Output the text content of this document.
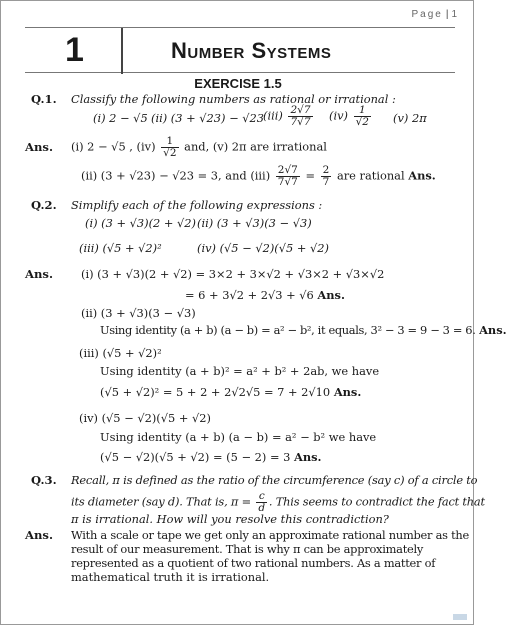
Page | 1
1	Number Systems
EXERCISE 1.5
Q.1. Classify the following numbers as rational or irrational :
(i) 2 − √5 (ii) (3 + √23) − √23
$(iii) \frac{2√7}{7√7} (iv) \frac{1}{√2} (v)$ 2π
Ans. (i) 2 − √5 , $(iv) \frac{1}{√2}$ and, (v) 2π are irrational
(ii) (3 + √23) − √23 = 3, and $(iii) \frac{2√7}{7√7} = \frac{2}{7}$ are rational Ans.
Q.2. Simplify each of the following expressions :
(i) (3 + √3)(2 + √2) (ii) (3 + √3)(3 − √3)
(iii) (√5 + √2)²	(iv) (√5 − √2)(√5 + √2)
Ans. (i) (3 + √3)(2 + √2) = 3×2 + 3×√2 + √3×2 + √3×√2
= 6 + 3√2 + 2√3 + √6 Ans.
(ii) (3 + √3)(3 − √3)
Using identity (a + b) (a − b) = a² − b², it equals, 3² − 3 = 9 − 3 = 6. Ans.
(iii) (√5 + √2)²
Using identity (a + b)² = a² + b² + 2ab, we have
(√5 + √2)² = 5 + 2 + 2√2√5 = 7 + 2√10 Ans.
(iv) (√5 − √2)(√5 + √2)
Using identity (a + b) (a − b) = a² − b² we have
(√5 − √2)(√5 + √2) = (5 − 2) = 3 Ans.
Q.3. Recall, π is defined as the ratio of the circumference (say c) of a circle to
its diameter (say d). That is, $\pi = \frac{c}{d}$ . This seems to contradict the fact that
π is irrational. How will you resolve this contradiction?
Ans. With a scale or tape we get only an approximate rational number as the
result of our measurement. That is why π can be approximately
represented as a quotient of two rational numbers. As a matter of
mathematical truth it is irrational.
